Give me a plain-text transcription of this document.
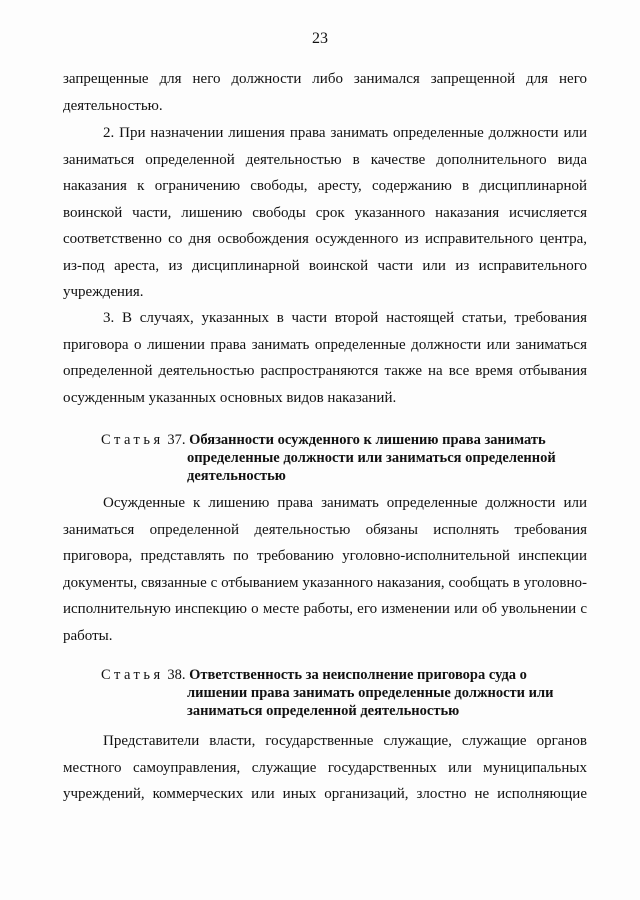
23
запрещенные для него должности либо занимался запрещенной для него
деятельностью.
2. При назначении лишения права занимать определенные должности или
заниматься определенной деятельностью в качестве дополнительного вида
наказания к ограничению свободы, аресту, содержанию в дисциплинарной
воинской части, лишению свободы срок указанного наказания исчисляется
соответственно со дня освобождения осужденного из исправительного центра,
из-под ареста, из дисциплинарной воинской части или из исправительного
учреждения.
3. В случаях, указанных в части второй настоящей статьи, требования
приговора о лишении права занимать определенные должности или заниматься
определенной деятельностью распространяются также на все время отбывания
осужденным указанных основных видов наказаний.
Статья 37. Обязанности осужденного к лишению права занимать
определенные должности или заниматься определенной
деятельностью
Осужденные к лишению права занимать определенные должности или
заниматься определенной деятельностью обязаны исполнять требования
приговора, представлять по требованию уголовно-исполнительной инспекции
документы, связанные с отбыванием указанного наказания, сообщать в уголовно-
исполнительную инспекцию о месте работы, его изменении или об увольнении с
работы.
Статья 38. Ответственность за неисполнение приговора суда о
лишении права занимать определенные должности или
заниматься определенной деятельностью
Представители власти, государственные служащие, служащие органов
местного самоуправления, служащие государственных или муниципальных
учреждений, коммерческих или иных организаций, злостно не исполняющие
